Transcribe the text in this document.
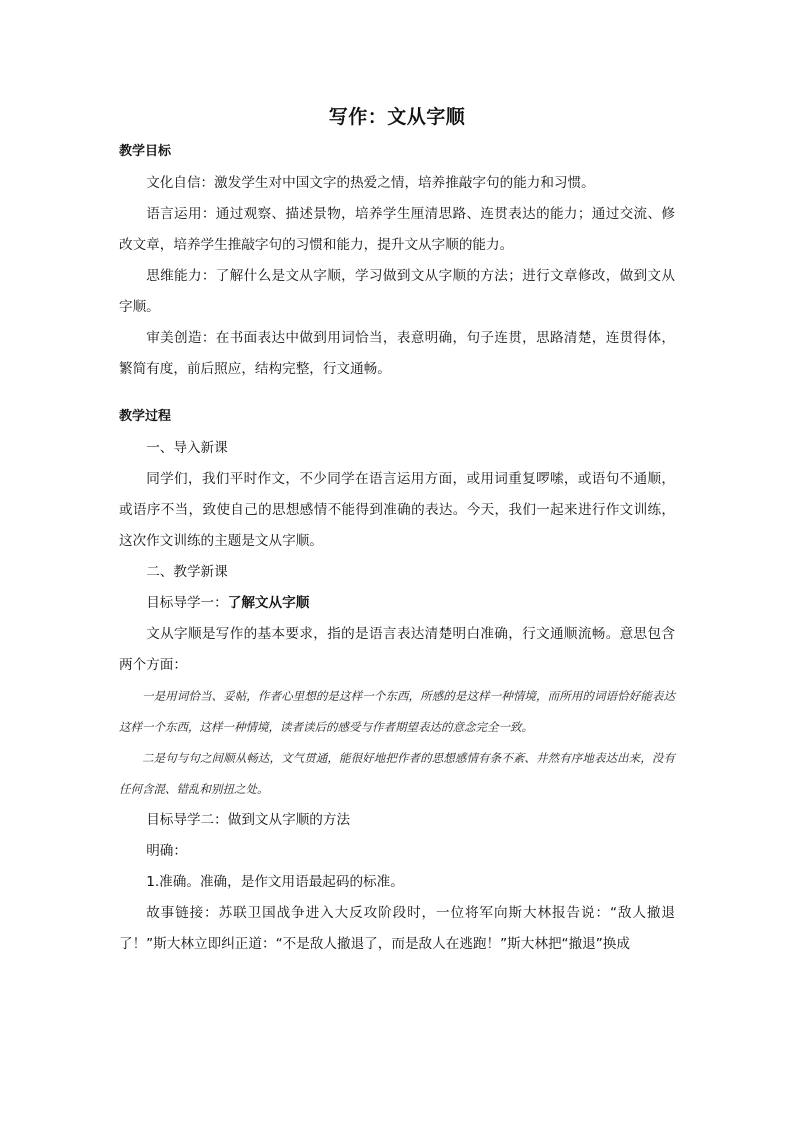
写作：文从字顺

教学目标

文化自信：激发学生对中国文字的热爱之情，培养推敲字句的能力和习惯。

语言运用：通过观察、描述景物，培养学生厘清思路、连贯表达的能力；通过交流、修改文章，培养学生推敲字句的习惯和能力，提升文从字顺的能力。

思维能力：了解什么是文从字顺，学习做到文从字顺的方法；进行文章修改，做到文从字顺。

审美创造：在书面表达中做到用词恰当，表意明确，句子连贯，思路清楚，连贯得体，繁简有度，前后照应，结构完整，行文通畅。

教学过程

一、导入新课

同学们，我们平时作文，不少同学在语言运用方面，或用词重复啰嗦，或语句不通顺，或语序不当，致使自己的思想感情不能得到准确的表达。今天，我们一起来进行作文训练，这次作文训练的主题是文从字顺。

二、教学新课

目标导学一：了解文从字顺

文从字顺是写作的基本要求，指的是语言表达清楚明白准确，行文通顺流畅。意思包含两个方面：

一是用词恰当、妥帖，作者心里想的是这样一个东西，所感的是这样一种情境，而所用的词语恰好能表达这样一个东西，这样一种情境，读者读后的感受与作者期望表达的意念完全一致。

二是句与句之间顺从畅达，文气贯通，能很好地把作者的思想感情有条不紊、井然有序地表达出来，没有任何含混、错乱和别扭之处。

目标导学二：做到文从字顺的方法

明确：

1.准确。准确，是作文用语最起码的标准。

故事链接：苏联卫国战争进入大反攻阶段时，一位将军向斯大林报告说：“敌人撤退了！”斯大林立即纠正道：“不是敌人撤退了，而是敌人在逃跑！”斯大林把“撤退”换成
